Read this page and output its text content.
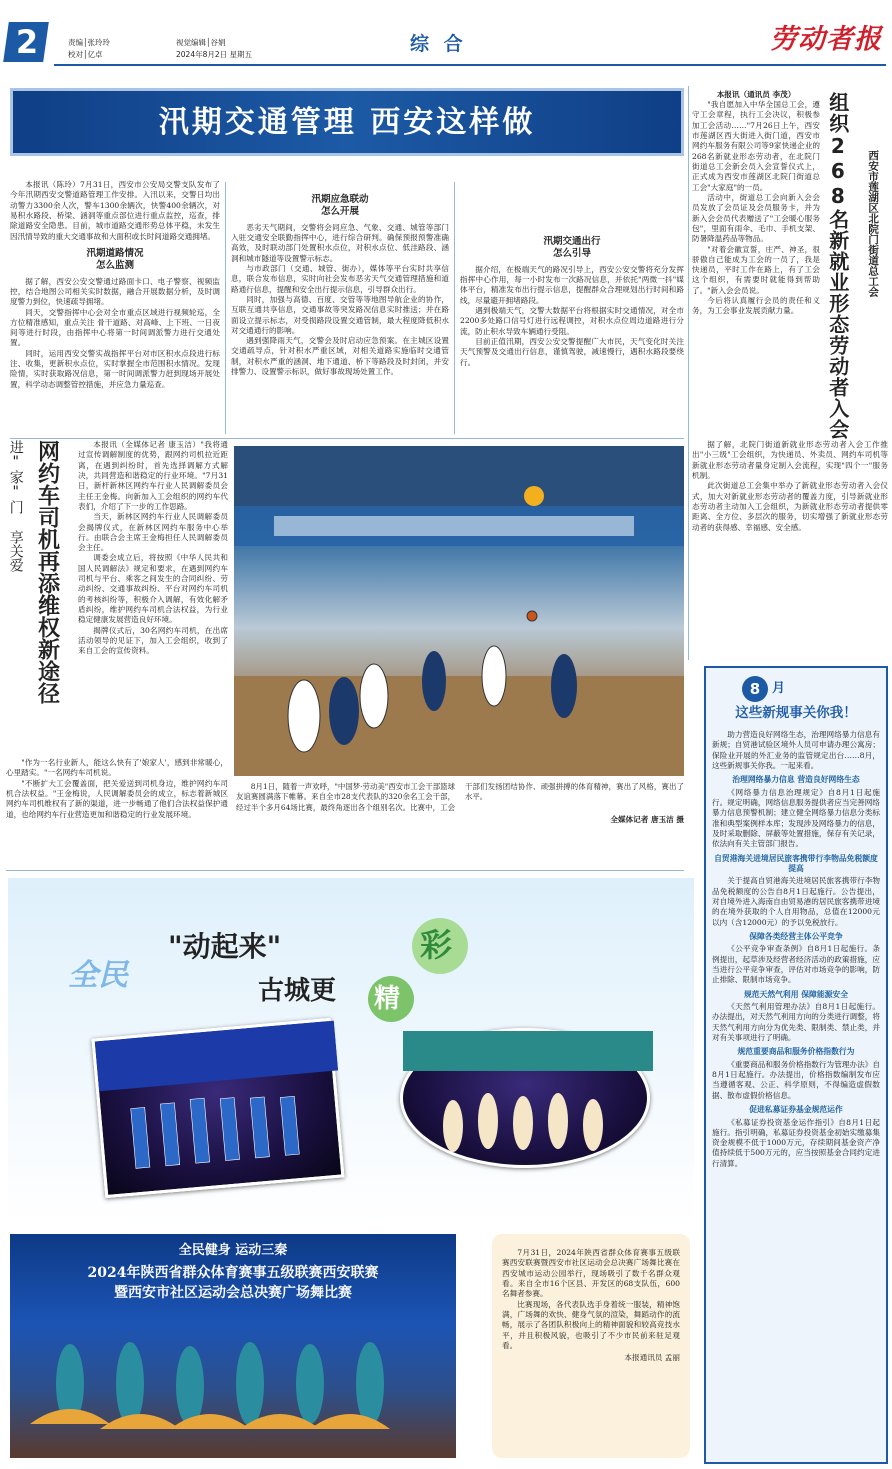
2	责编│张玲玲
校对│亿卓
视觉编辑│谷娟
2024年8月2日 星期五	综 合	劳动者报
汛期交通管理 西安这样做

本报讯（陈玲）7月31日，西安市公安局交警支队发布了今年汛期西安交警道路管理工作安排。入汛以来，交警日均出动警力3300余人次，警车1300余辆次，快警400余辆次，对易积水路段、桥梁、涵洞等重点部位进行重点监控，巡查，排除道路安全隐患。目前，城市道路交通形势总体平稳，未发生因汛情导致的重大交通事故和大面积或长时间道路交通拥堵。

汛期道路情况
怎么监测

据了解，西安公安交警通过路面卡口、电子警察、视频监控，结合地图公司相关实时数据，融合开展数据分析，及时调度警力到位，快速疏导拥堵。

同天，交警指挥中心会对全市重点区域进行视频轮巡，全方位精准感知，重点关注 骨干道路、对高峰、上下班、一日夜间等进行时段，由指挥中心将第一时间调派警力进行交通处置。

同时，运用西安交警实战指挥平台对市区积水点段进行标注、收集，更新积水点位，实时掌握全市范围积水情况。发现险情，实时获取路况信息，第一时间调派警力赶到现场开展处置，科学动态调整管控措施，并应急力量巡查。

汛期应急联动
怎么开展

恶劣天气期间，交警将会同应急、气象、交通、城管等部门入驻交通安全联勤指挥中心，进行综合研判。确保预报预警准确高效，及时联动部门处置积水点位，对积水点位、低洼路段、涵洞和城市隧道等设置警示标志。

与市政部门（交通、城管、街办），媒体等平台实时共享信息，联合发布信息，实时向社会发布恶劣天气交通管理措施和道路通行信息，提醒和安全出行提示信息，引导群众出行。

同时，加强与高德、百度、交管等等地图导航企业的协作，互联互通共享信息，交通事故等突发路况信息实时推送；并在路面设立提示标志，对受损路段设置交通管制，最大程度降低积水对交通通行的影响。

遇到强降雨天气，交警会及时启动应急预案。在主城区设置交通疏导点，针对积水严重区域，对相关道路实施临时交通管制，对积水严重的涵洞、地下通道、桥下等路段及时封闭，并安排警力、设置警示标识，做好事故现场处置工作。

汛期交通出行
怎么引导

据介绍，在极端天气的路况引导上，西安公安交警将充分发挥指挥中心作用，每一小时发布一次路况信息，并依托"两微一抖"媒体平台，精准发布出行提示信息，提醒群众合理规划出行时间和路线，尽量避开拥堵路段。

遇到极端天气，交警大数据平台将根据实时交通情况，对全市2200多处路口信号灯进行远程调控，对积水点位周边道路进行分流，防止积水导致车辆通行受阻。

目前正值汛期，西安公安交警提醒广大市民，天气变化时关注天气预警及交通出行信息，谨慎驾驶，减速慢行，遇积水路段要绕行。

西安市莲湖区北院门街道总工会
组织268名新就业形态劳动者入会
本报讯（通讯员 李茂）

"我自愿加入中华全国总工会，遵守工会章程，执行工会决议，积极参加工会活动……"7月26日上午，西安市莲湖区西大街进入街门道，西安市网约车服务有限公司等9家快递企业的268名新就业形态劳动者，在北院门街道总工会新会员入会宣誓仪式上，正式成为西安市莲湖区北院门街道总工会"大家庭"的一员。

活动中，街道总工会向新入会会员发放了会员证及会员服务卡，并为新入会会员代表赠送了"工会暖心服务包"，里面有雨伞、毛巾、手机支架、防暑降温药品等物品。

"对着会徽宣誓，庄严、神圣，很骄傲自己能成为工会的一员了，我是快递员，平时工作在路上，有了工会这个组织，有需要时就能得到帮助了。"新入会会员说。

今后将认真履行会员的责任和义务，为工会事业发展贡献力量。

据了解，北院门街道新就业形态劳动者入会工作推出"小三级"工会组织，为快递员、外卖员、网约车司机等新就业形态劳动者量身定制入会流程，实现"四个一"服务机制。

此次街道总工会集中举办了新就业形态劳动者入会仪式，加大对新就业形态劳动者的覆盖力度，引导新就业形态劳动者主动加入工会组织，为新就业形态劳动者提供零距离、全方位、多层次的服务，切实增强了新就业形态劳动者的获得感、幸福感、安全感。

进"家"门 享关爱 网约车司机再添维权新途径	本报讯（全媒体记者 康玉洁）"我将通过宣传调解制度的优势，跟网约司机拉近距离，在遇到纠纷时，首先选择调解方式解决，共同营造和谐稳定的行业环境。"7月31日，新杆新林区网约车行业人民调解委员会主任王金梅。向新加入工会组织的网约车代表们，介绍了下一步的工作思路。

当天，新林区网约车行业人民调解委员会揭牌仪式，在新林区网约车服务中心举行。由联合会主席王金梅担任人民调解委员会主任。

调委会成立后，将按照《中华人民共和国人民调解法》规定和要求，在遇到网约车司机与平台、乘客之间发生的合同纠纷、劳动纠纷、交通事故纠纷、平台对网约车司机的考核纠纷等，积极介入调解，有效化解矛盾纠纷，维护网约车司机合法权益，为行业稳定健康发展营造良好环境。

揭牌仪式后，30名网约车司机，在出席活动领导的见证下，加入工会组织，收到了来自工会的宣传资料。

"作为一名行业新人，能这么快有了'娘家人'，感到非常暖心，心里踏实。"一名网约车司机说。

"不断扩大工会覆盖面，把关爱送到司机身边，维护网约车司机合法权益。"王金梅说，人民调解委员会的成立，标志着新城区网约车司机维权有了新的渠道，进一步畅通了他们合法权益保护通道，也给网约车行业营造更加和谐稳定的行业发展环境。

8月1日，随着一声欢呼，"中国梦·劳动美"西安市工会干部篮球友谊赛圆满落下帷幕。来自全市28支代表队的320余名工会干部，经过半个多月64场比赛，最终角逐出各个组别名次。比赛中，工会干部们发扬团结协作、顽强拼搏的体育精神，赛出了风格，赛出了水平。

全媒体记者 唐玉洁 摄
8 月
这些新规事关你我！

助力营造良好网络生态，治理网络暴力信息有新规；自贸港试验区境外人员可申请办理公寓房；保险业开展的外汇业务的监管规定出台……8月，这些新规事关你我。一起来看。

治理网络暴力信息 营造良好网络生态

《网络暴力信息治理规定》自8月1日起施行。规定明确，网络信息服务提供者应当完善网络暴力信息预警机制；建立健全网络暴力信息分类标准和典型案例样本库；发现涉及网络暴力的信息，及时采取删除、屏蔽等处置措施，保存有关记录，依法向有关主管部门报告。

自贸港海关进境居民旅客携带行李物品免税额度提高

关于提高自贸港海关进境居民旅客携带行李物品免税额度的公告自8月1日起施行。公告提出，对自境外进入海南自由贸易港的居民旅客携带进境的在境外获取的个人自用物品，总值在12000元以内（含12000元）的予以免税放行。

保障各类经营主体公平竞争

《公平竞争审查条例》自8月1日起施行。条例提出，起草涉及经营者经济活动的政策措施，应当进行公平竞争审查，评估对市场竞争的影响，防止排除、限制市场竞争。

规范天然气利用 保障能源安全

《天然气利用管理办法》自8月1日起施行。办法提出，对天然气利用方向的分类进行调整，将天然气利用方向分为优先类、限制类、禁止类，并对有关事项进行了明确。

规范重要商品和服务价格指数行为

《重要商品和服务价格指数行为管理办法》自8月1日起施行。办法提出，价格指数编制发布应当遵循客观、公正、科学原则，不得编造虚假数据、散布虚假价格信息。

促进私募证券基金规范运作

《私募证券投资基金运作指引》自8月1日起施行。指引明确，私募证券投资基金初始实缴募集资金规模不低于1000万元，存续期间基金资产净值持续低于500万元的，应当按照基金合同约定进行清算。

全民
"动起来"
古城更 精
彩
全民健身 运动三秦
2024年陕西省群众体育赛事五级联赛西安联赛
暨西安市社区运动会总决赛广场舞比赛

7月31日，2024年陕西省群众体育赛事五级联赛西安联赛暨西安市社区运动会总决赛广场舞比赛在西安城市运动公园举行，现场吸引了数千名群众观看。来自全市16个区县、开发区的68支队伍，600名舞者参赛。

比赛现场，各代表队选手身着统一服装，精神饱满，广场舞的欢快、健身气氛的渲染，舞蹈动作的流畅，展示了各团队积极向上的精神面貌和较高竞技水平，并且积极风貌，也吸引了不少市民前来驻足观看。

本报通讯员 孟丽
